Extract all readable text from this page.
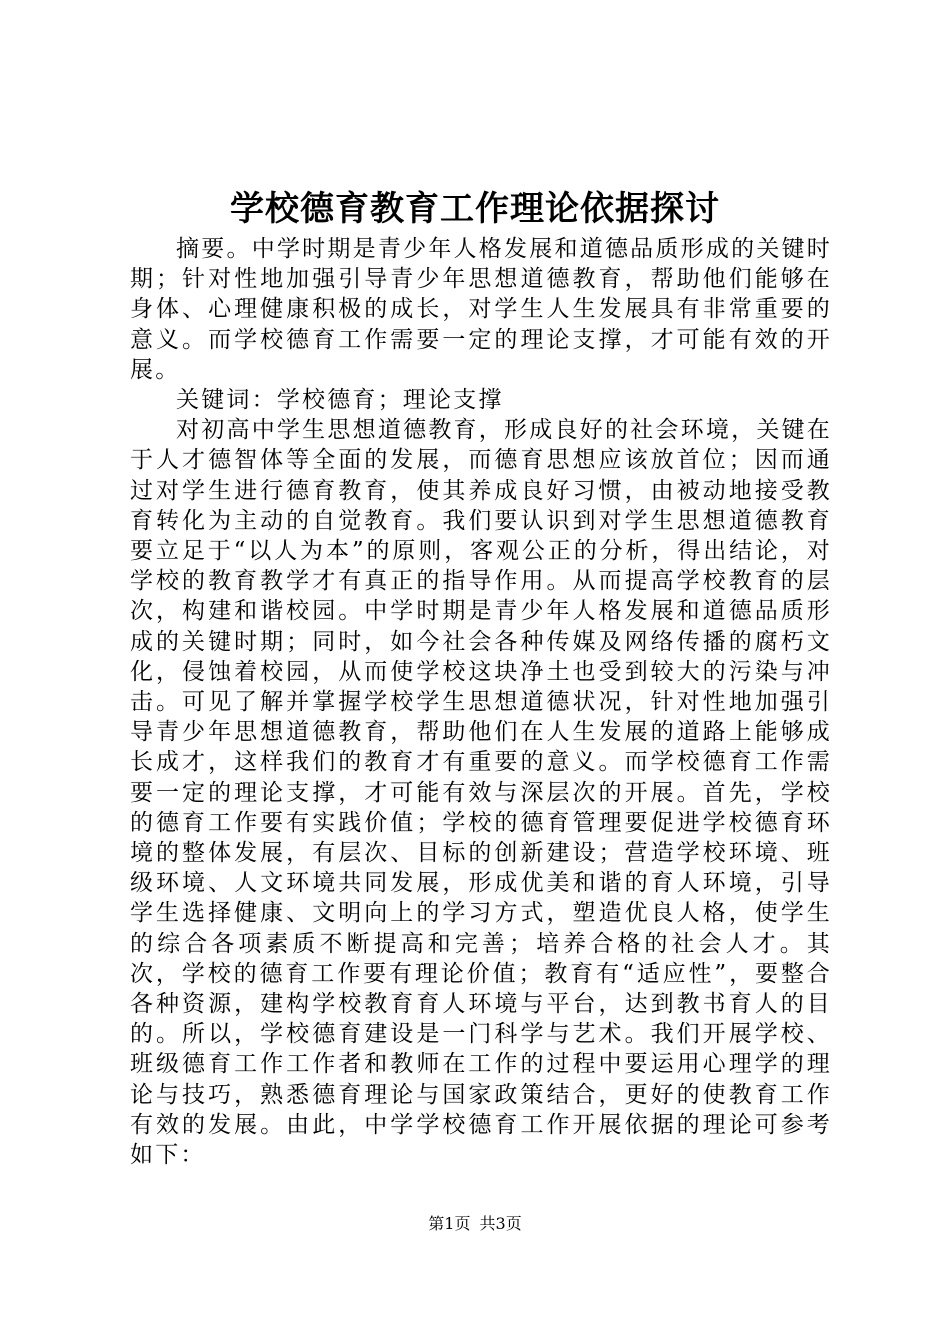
学校德育教育工作理论依据探讨

摘要。中学时期是青少年人格发展和道德品质形成的关键时期；针对性地加强引导青少年思想道德教育，帮助他们能够在身体、心理健康积极的成长，对学生人生发展具有非常重要的意义。而学校德育工作需要一定的理论支撑，才可能有效的开展。

关键词：学校德育；理论支撑

对初高中学生思想道德教育，形成良好的社会环境，关键在于人才德智体等全面的发展，而德育思想应该放首位；因而通过对学生进行德育教育，使其养成良好习惯，由被动地接受教育转化为主动的自觉教育。我们要认识到对学生思想道德教育要立足于“以人为本”的原则，客观公正的分析，得出结论，对学校的教育教学才有真正的指导作用。从而提高学校教育的层次，构建和谐校园。中学时期是青少年人格发展和道德品质形成的关键时期；同时，如今社会各种传媒及网络传播的腐朽文化，侵蚀着校园，从而使学校这块净土也受到较大的污染与冲击。可见了解并掌握学校学生思想道德状况，针对性地加强引导青少年思想道德教育，帮助他们在人生发展的道路上能够成长成才，这样我们的教育才有重要的意义。而学校德育工作需要一定的理论支撑，才可能有效与深层次的开展。首先，学校的德育工作要有实践价值；学校的德育管理要促进学校德育环境的整体发展，有层次、目标的创新建设；营造学校环境、班级环境、人文环境共同发展，形成优美和谐的育人环境，引导学生选择健康、文明向上的学习方式，塑造优良人格，使学生的综合各项素质不断提高和完善；培养合格的社会人才。其次，学校的德育工作要有理论价值；教育有“适应性”，要整合各种资源，建构学校教育育人环境与平台，达到教书育人的目的。所以，学校德育建设是一门科学与艺术。我们开展学校、班级德育工作工作者和教师在工作的过程中要运用心理学的理论与技巧，熟悉德育理论与国家政策结合，更好的使教育工作有效的发展。由此，中学学校德育工作开展依据的理论可参考如下：

第1页 共3页
